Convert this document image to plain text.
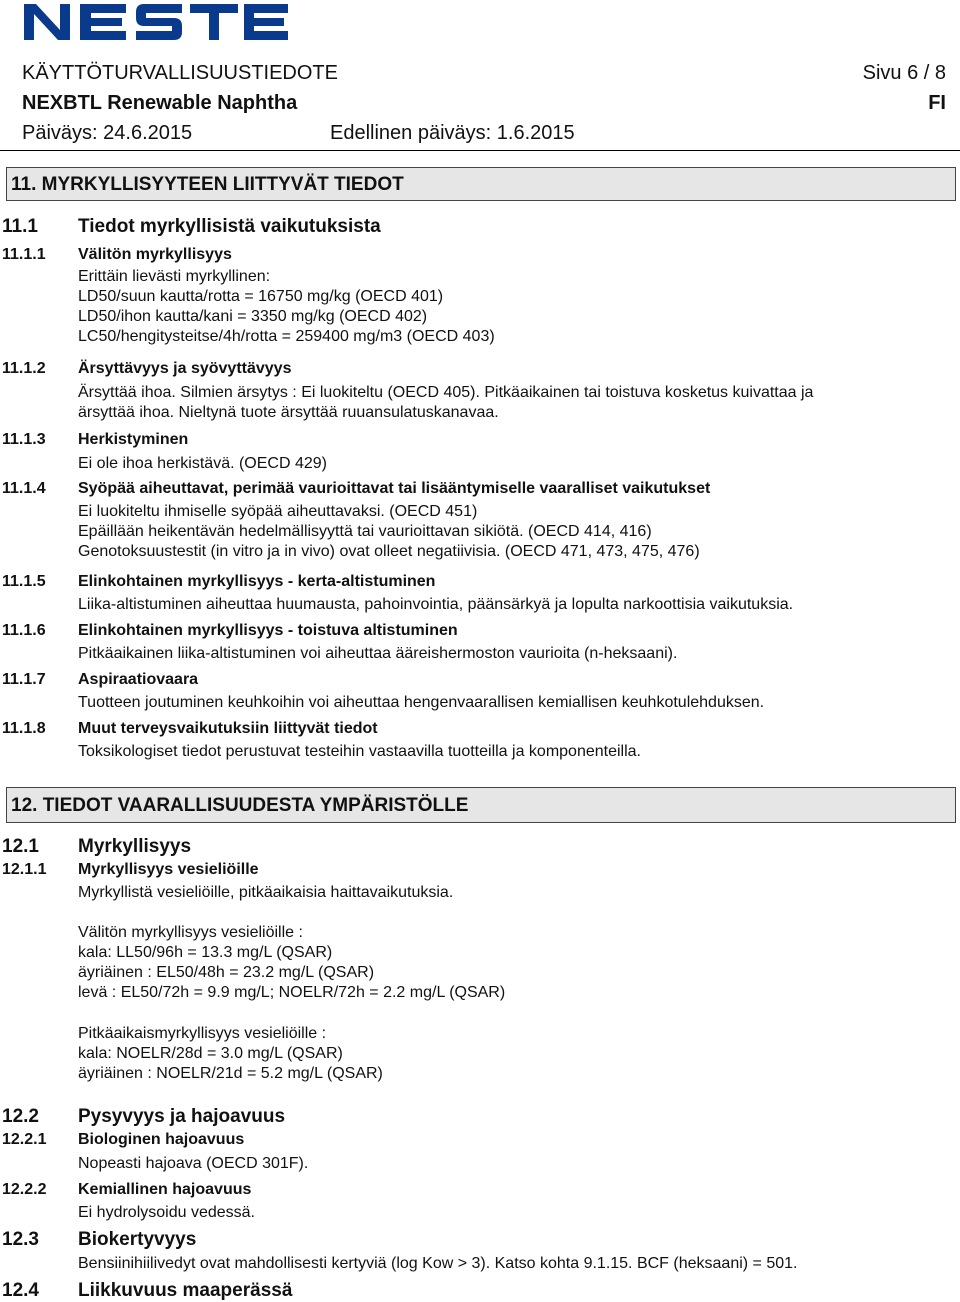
KÄYTTÖTURVALLISUUSTIEDOTE	Sivu 6 / 8
NEXBTL Renewable Naphtha	FI
Päiväys: 24.6.2015	Edellinen päiväys: 1.6.2015
11. MYRKYLLISYYTEEN LIITTYVÄT TIEDOT
11.1 Tiedot myrkyllisistä vaikutuksista
11.1.1 Välitön myrkyllisyys
Erittäin lievästi myrkyllinen:
LD50/suun kautta/rotta = 16750 mg/kg (OECD 401)
LD50/ihon kautta/kani = 3350 mg/kg (OECD 402)
LC50/hengitysteitse/4h/rotta = 259400 mg/m3 (OECD 403)
11.1.2 Ärsyttävyys ja syövyttävyys
Ärsyttää ihoa. Silmien ärsytys : Ei luokiteltu (OECD 405). Pitkäaikainen tai toistuva kosketus kuivattaa ja
ärsyttää ihoa. Nieltynä tuote ärsyttää ruuansulatuskanavaa.
11.1.3 Herkistyminen
Ei ole ihoa herkistävä. (OECD 429)
11.1.4 Syöpää aiheuttavat, perimää vaurioittavat tai lisääntymiselle vaaralliset vaikutukset
Ei luokiteltu ihmiselle syöpää aiheuttavaksi. (OECD 451)
Epäillään heikentävän hedelmällisyyttä tai vaurioittavan sikiötä. (OECD 414, 416)
Genotoksuustestit (in vitro ja in vivo) ovat olleet negatiivisia. (OECD 471, 473, 475, 476)
11.1.5 Elinkohtainen myrkyllisyys - kerta-altistuminen
Liika-altistuminen aiheuttaa huumausta, pahoinvointia, päänsärkyä ja lopulta narkoottisia vaikutuksia.
11.1.6 Elinkohtainen myrkyllisyys - toistuva altistuminen
Pitkäaikainen liika-altistuminen voi aiheuttaa ääreishermoston vaurioita (n-heksaani).
11.1.7 Aspiraatiovaara
Tuotteen joutuminen keuhkoihin voi aiheuttaa hengenvaarallisen kemiallisen keuhkotulehduksen.
11.1.8 Muut terveysvaikutuksiin liittyvät tiedot
Toksikologiset tiedot perustuvat testeihin vastaavilla tuotteilla ja komponenteilla.
12. TIEDOT VAARALLISUUDESTA YMPÄRISTÖLLE
12.1 Myrkyllisyys
12.1.1 Myrkyllisyys vesieliöille
Myrkyllistä vesieliöille, pitkäaikaisia haittavaikutuksia.
Välitön myrkyllisyys vesieliöille :
kala: LL50/96h = 13.3 mg/L (QSAR)
äyriäinen : EL50/48h = 23.2 mg/L (QSAR)
levä : EL50/72h = 9.9 mg/L; NOELR/72h = 2.2 mg/L (QSAR)
Pitkäaikaismyrkyllisyys vesieliöille :
kala: NOELR/28d = 3.0 mg/L (QSAR)
äyriäinen : NOELR/21d = 5.2 mg/L (QSAR)
12.2 Pysyvyys ja hajoavuus
12.2.1 Biologinen hajoavuus
Nopeasti hajoava (OECD 301F).
12.2.2 Kemiallinen hajoavuus
Ei hydrolysoidu vedessä.
12.3 Biokertyvyys
Bensiinihiilivedyt ovat mahdollisesti kertyviä (log Kow > 3). Katso kohta 9.1.15. BCF (heksaani) = 501.
12.4 Liikkuvuus maaperässä
